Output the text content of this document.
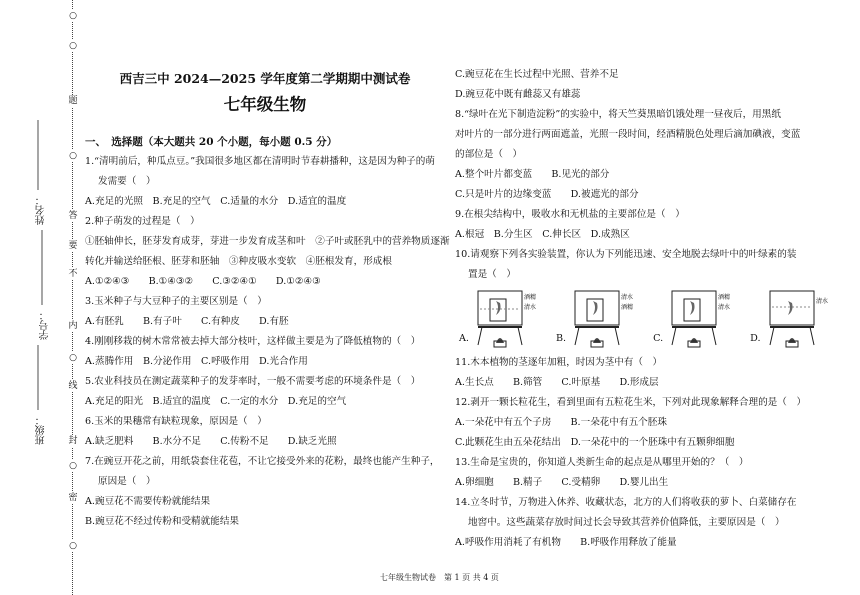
姓名：
学号：
班级：
○
○
题
○
答
要
不
内
○
线
封
○
密
○

西吉三中 2024—2025 学年度第二学期期中测试卷

七年级生物

一、　选择题（本大题共 20 个小题，每小题 0.5 分）

1.“清明前后，种瓜点豆。”我国很多地区都在清明时节春耕播种，这是因为种子的萌

发需要（　）

A.充足的光照　B.充足的空气　C.适量的水分　D.适宜的温度

2.种子萌发的过程是（　）

①胚轴伸长，胚芽发育成芽，芽进一步发育成茎和叶　②子叶或胚乳中的营养物质逐渐

转化并输送给胚根、胚芽和胚轴　③种皮吸水变软　④胚根发育，形成根

A.①②④③　　B.①④③②　　C.③②④①　　D.①②④③

3.玉米种子与大豆种子的主要区别是（　）

A.有胚乳　　B.有子叶　　C.有种皮　　D.有胚

4.刚刚移栽的树木常常被去掉大部分枝叶，这样做主要是为了降低植物的（　）

A.蒸腾作用　B.分泌作用　C.呼吸作用　D.光合作用

5.农业科技员在测定蔬菜种子的发芽率时，一般不需要考虑的环境条件是（　）

A.充足的阳光　B.适宜的温度　C.一定的水分　D.充足的空气

6.玉米的果穗常有缺粒现象，原因是（　）

A.缺乏肥料　　B.水分不足　　C.传粉不足　　D.缺乏光照

7.在豌豆开花之前，用纸袋套住花苞，不让它接受外来的花粉，最终也能产生种子，

原因是（　）

A.豌豆花不需要传粉就能结果

B.豌豆花不经过传粉和受精就能结果

C.豌豆花在生长过程中光照、营养不足

D.豌豆花中既有雌蕊又有雄蕊

8.“绿叶在光下制造淀粉”的实验中，将天竺葵黑暗饥饿处理一昼夜后，用黑纸

对叶片的一部分进行两面遮盖，光照一段时间，经酒精脱色处理后滴加碘液，变蓝

的部位是（　）

A.整个叶片都变蓝　　B.见光的部分

C.只是叶片的边缘变蓝　　D.被遮光的部分

9.在根尖结构中，吸收水和无机盐的主要部位是（　）

A.根冠　B.分生区　C.伸长区　D.成熟区

10.请观察下列各实验装置，你认为下列能迅速、安全地脱去绿叶中的叶绿素的装

置是（　）

A.
酒精
清水
B.
清水
酒精
C.
酒精
清水
D.
清水

11.木本植物的茎逐年加粗，时因为茎中有（　）

A.生长点　　B.筛管　　C.叶原基　　D.形成层

12.剥开一颗长粒花生，看到里面有五粒花生米，下列对此现象解释合理的是（　）

A.一朵花中有五个子房　　B.一朵花中有五个胚珠

C.此颗花生由五朵花结出　D.一朵花中的一个胚珠中有五颗卵细胞

13.生命是宝贵的，你知道人类新生命的起点是从哪里开始的？（　）

A.卵细胞　　B.精子　　C.受精卵　　D.婴儿出生

14.立冬时节，万物进入休养、收藏状态，北方的人们将收获的萝卜、白菜储存在

地窖中。这些蔬菜存放时间过长会导致其营养价值降低，主要原因是（　）

A.呼吸作用消耗了有机物　　B.呼吸作用释放了能量

七年级生物试卷　第 1 页 共 4 页
